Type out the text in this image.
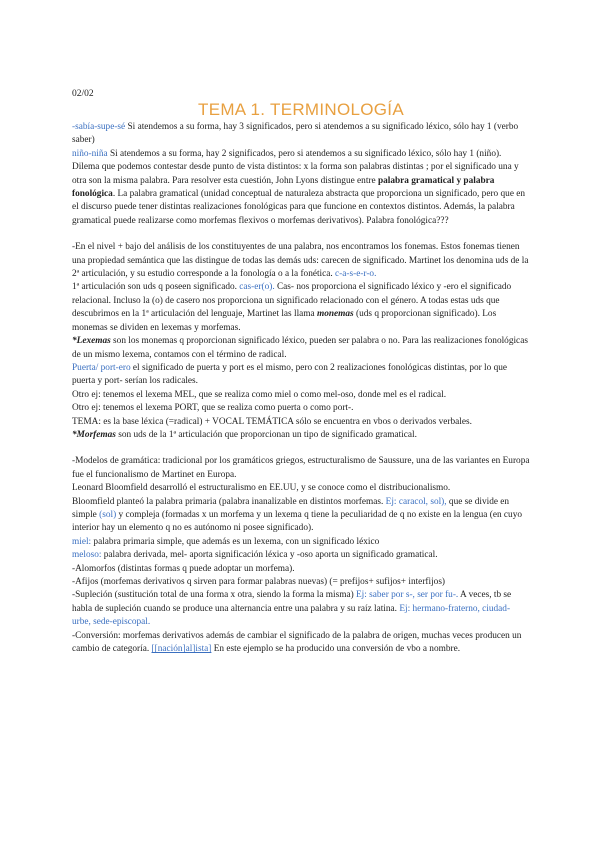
02/02
TEMA 1. TERMINOLOGÍA

-sabía-supe-sé Si atendemos a su forma, hay 3 significados, pero si atendemos a su significado léxico, sólo hay 1 (verbo saber)

niño-niña Si atendemos a su forma, hay 2 significados, pero si atendemos a su significado léxico, sólo hay 1 (niño). Dilema que podemos contestar desde punto de vista distintos: x la forma son palabras distintas ; por el significado una y otra son la misma palabra. Para resolver esta cuestión, John Lyons distingue entre palabra gramatical y palabra fonológica. La palabra gramatical (unidad conceptual de naturaleza abstracta que proporciona un significado, pero que en el discurso puede tener distintas realizaciones fonológicas para que funcione en contextos distintos. Además, la palabra gramatical puede realizarse como morfemas flexivos o morfemas derivativos). Palabra fonológica???

-En el nivel + bajo del análisis de los constituyentes de una palabra, nos encontramos los fonemas. Estos fonemas tienen una propiedad semántica que las distingue de todas las demás uds: carecen de significado. Martinet los denomina uds de la 2ª articulación, y su estudio corresponde a la fonología o a la fonética. c-a-s-e-r-o.

1ª articulación son uds q poseen significado. cas-er(o). Cas- nos proporciona el significado léxico y -ero el significado relacional. Incluso la (o) de casero nos proporciona un significado relacionado con el género. A todas estas uds que descubrimos en la 1ª articulación del lenguaje, Martinet las llama monemas (uds q proporcionan significado). Los monemas se dividen en lexemas y morfemas.

*Lexemas son los monemas q proporcionan significado léxico, pueden ser palabra o no. Para las realizaciones fonológicas de un mismo lexema, contamos con el término de radical.

Puerta/ port-ero el significado de puerta y port es el mismo, pero con 2 realizaciones fonológicas distintas, por lo que puerta y port- serían los radicales.

Otro ej: tenemos el lexema MEL, que se realiza como miel o como mel-oso, donde mel es el radical.

Otro ej: tenemos el lexema PORT, que se realiza como puerta o como port-.

TEMA: es la base léxica (=radical) + VOCAL TEMÁTICA sólo se encuentra en vbos o derivados verbales.

*Morfemas son uds de la 1ª articulación que proporcionan un tipo de significado gramatical.

-Modelos de gramática: tradicional por los gramáticos griegos, estructuralismo de Saussure, una de las variantes en Europa fue el funcionalismo de Martinet en Europa.

Leonard Bloomfield desarrolló el estructuralismo en EE.UU, y se conoce como el distribucionalismo.

Bloomfield planteó la palabra primaria (palabra inanalizable en distintos morfemas. Ej: caracol, sol), que se divide en simple (sol) y compleja (formadas x un morfema y un lexema q tiene la peculiaridad de q no existe en la lengua (en cuyo interior hay un elemento q no es autónomo ni posee significado).

miel: palabra primaria simple, que además es un lexema, con un significado léxico

meloso: palabra derivada, mel- aporta significación léxica y -oso aporta un significado gramatical.

-Alomorfos (distintas formas q puede adoptar un morfema).

-Afijos (morfemas derivativos q sirven para formar palabras nuevas) (= prefijos+ sufijos+ interfijos)

-Supleción (sustitución total de una forma x otra, siendo la forma la misma) Ej: saber por s-, ser por fu-. A veces, tb se habla de supleción cuando se produce una alternancia entre una palabra y su raíz latina. Ej: hermano-fraterno, ciudad- urbe, sede-episcopal.

-Conversión: morfemas derivativos además de cambiar el significado de la palabra de origen, muchas veces producen un cambio de categoría. [[nación]al]ista] En este ejemplo se ha producido una conversión de vbo a nombre.
